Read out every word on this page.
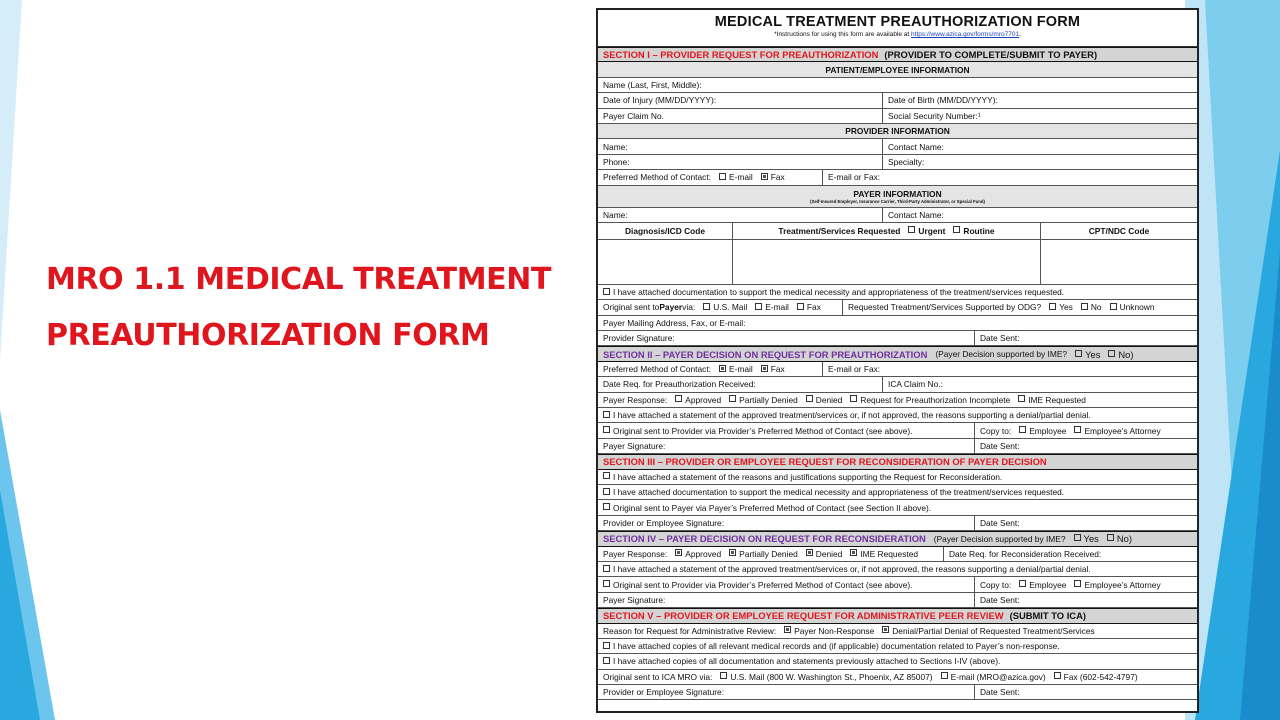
MRO 1.1 MEDICAL TREATMENT
PREAUTHORIZATION FORM
MEDICAL TREATMENT PREAUTHORIZATION FORM
*Instructions for using this form are available at https://www.azica.gov/forms/mro7701.
SECTION I – PROVIDER REQUEST FOR PREAUTHORIZATION (PROVIDER TO COMPLETE/SUBMIT TO PAYER)
PATIENT/EMPLOYEE INFORMATION
Name (Last, First, Middle):
Date of Injury (MM/DD/YYYY):	Date of Birth (MM/DD/YYYY):
Payer Claim No.	Social Security Number:¹
PROVIDER INFORMATION
Name:	Contact Name:
Phone:	Specialty:
Preferred Method of Contact: E-mail Fax	E-mail or Fax:
PAYER INFORMATION
(Self-Insured Employer, Insurance Carrier, Third-Party Administrator, or Special Fund)
Name:	Contact Name:
Diagnosis/ICD Code	Treatment/Services Requested Urgent Routine	CPT/NDC Code
I have attached documentation to support the medical necessity and appropriateness of the treatment/services requested.
Original sent to Payer via: U.S. Mail E-mail Fax	Requested Treatment/Services Supported by ODG? Yes No Unknown
Payer Mailing Address, Fax, or E-mail:
Provider Signature:	Date Sent:
SECTION II – PAYER DECISION ON REQUEST FOR PREAUTHORIZATION (Payer Decision supported by IME? Yes No)
Preferred Method of Contact: E-mail Fax	E-mail or Fax:
Date Req. for Preauthorization Received:	ICA Claim No.:
Payer Response: Approved Partially Denied Denied Request for Preauthorization Incomplete IME Requested
I have attached a statement of the approved treatment/services or, if not approved, the reasons supporting a denial/partial denial.
Original sent to Provider via Provider’s Preferred Method of Contact (see above).	Copy to: Employee Employee’s Attorney
Payer Signature:	Date Sent:
SECTION III – PROVIDER OR EMPLOYEE REQUEST FOR RECONSIDERATION OF PAYER DECISION
I have attached a statement of the reasons and justifications supporting the Request for Reconsideration.
I have attached documentation to support the medical necessity and appropriateness of the treatment/services requested.
Original sent to Payer via Payer’s Preferred Method of Contact (see Section II above).
Provider or Employee Signature:	Date Sent:
SECTION IV – PAYER DECISION ON REQUEST FOR RECONSIDERATION (Payer Decision supported by IME? Yes No)
Payer Response: Approved Partially Denied Denied IME Requested	Date Req. for Reconsideration Received:
I have attached a statement of the approved treatment/services or, if not approved, the reasons supporting a denial/partial denial.
Original sent to Provider via Provider’s Preferred Method of Contact (see above).	Copy to: Employee Employee’s Attorney
Payer Signature:	Date Sent:
SECTION V – PROVIDER OR EMPLOYEE REQUEST FOR ADMINISTRATIVE PEER REVIEW (SUBMIT TO ICA)
Reason for Request for Administrative Review: Payer Non-Response Denial/Partial Denial of Requested Treatment/Services
I have attached copies of all relevant medical records and (if applicable) documentation related to Payer’s non-response.
I have attached copies of all documentation and statements previously attached to Sections I-IV (above).
Original sent to ICA MRO via: U.S. Mail (800 W. Washington St., Phoenix, AZ 85007) E-mail (MRO@azica.gov) Fax (602-542-4797)
Provider or Employee Signature:	Date Sent:
